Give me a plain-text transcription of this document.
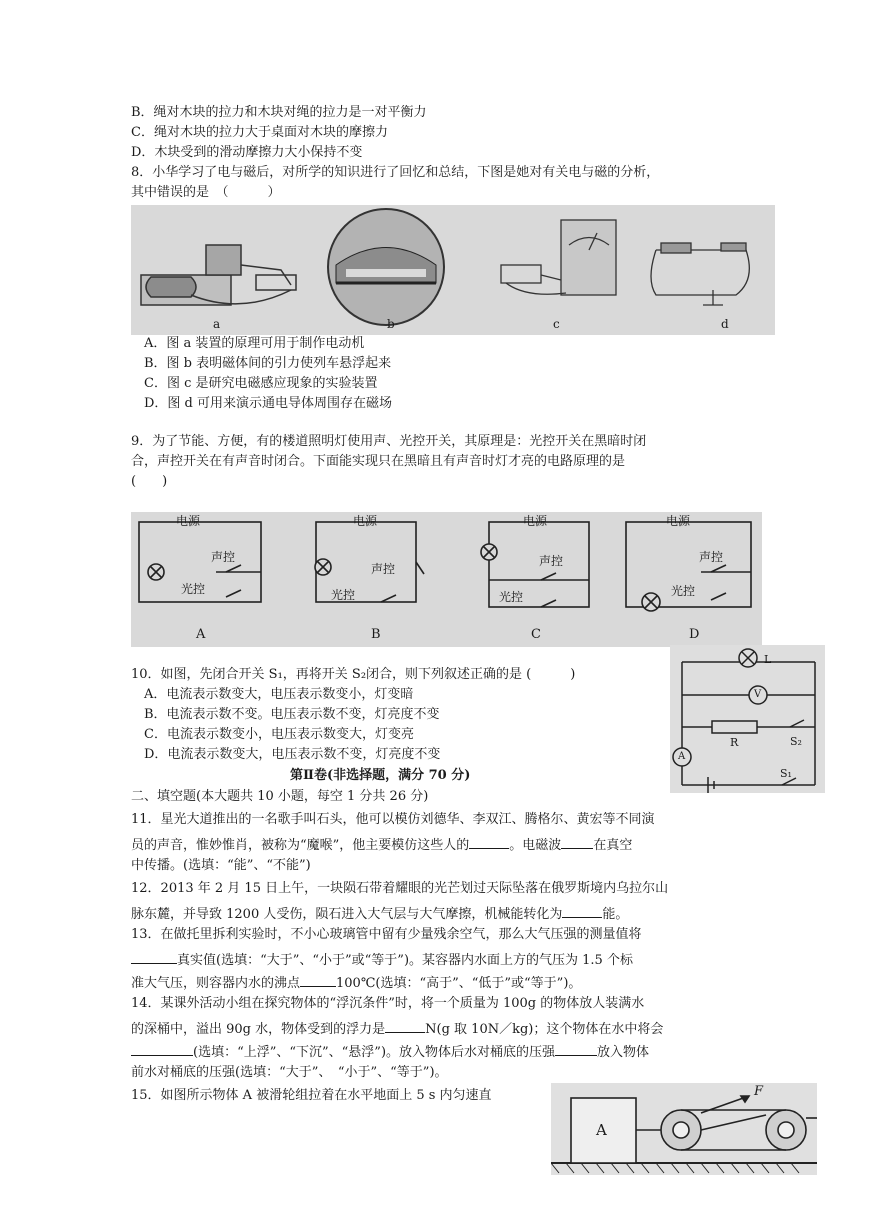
B．绳对木块的拉力和木块对绳的拉力是一对平衡力
C．绳对木块的拉力大于桌面对木块的摩擦力
D．木块受到的滑动摩擦力大小保持不变
8．小华学习了电与磁后，对所学的知识进行了回忆和总结，下图是她对有关电与磁的分析，
其中错误的是　（　　　）
a	b	c	d
A．图 a 装置的原理可用于制作电动机
B．图 b 表明磁体间的引力使列车悬浮起来
C．图 c 是研究电磁感应现象的实验装置
D．图 d 可用来演示通电导体周围存在磁场
9．为了节能、方便，有的楼道照明灯使用声、光控开关，其原理是：光控开关在黑暗时闭
合，声控开关在有声音时闭合。下面能实现只在黑暗且有声音时灯才亮的电路原理的是
(　　)
电源
声控
光控
电源
声控
光控
电源
声控
光控
电源
声控
光控
A	B	C	D
10．如图，先闭合开关 S₁，再将开关 S₂闭合，则下列叙述正确的是 (　　　)
A．电流表示数变大，电压表示数变小，灯变暗
B．电流表示数不变。电压表示数不变，灯亮度不变
C．电流表示数变小，电压表示数变大，灯变亮
D．电流表示数变大，电压表示数不变，灯亮度不变
L
V
R	S₂
A
S₁
第Ⅱ卷(非选择题，满分 70 分)
二、填空题(本大题共 10 小题，每空 1 分共 26 分)
11．星光大道推出的一名歌手叫石头，他可以模仿刘德华、李双江、腾格尔、黄宏等不同演
员的声音，惟妙惟肖，被称为“魔喉”，他主要模仿这些人的	。电磁波 在真空
中传播。(选填：“能”、“不能”)
12．2013 年 2 月 15 日上午，一块陨石带着耀眼的光芒划过天际坠落在俄罗斯境内乌拉尔山
脉东麓，并导致 1200 人受伤，陨石进入大气层与大气摩擦，机械能转化为	能。
13．在做托里拆利实验时，不小心玻璃管中留有少量残余空气，那么大气压强的测量值将
真实值(选填：“大于”、“小于”或“等于”)。某容器内水面上方的气压为 1.5 个标
准大气压，则容器内水的沸点	100℃(选填：“高于”、“低于”或“等于”)。
14．某课外活动小组在探究物体的“浮沉条件”时，将一个质量为 100g 的物体放人装满水
的深桶中，溢出 90g 水，物体受到的浮力是	N(g 取 10N／kg)；这个物体在水中将会
(选填：“上浮”、“下沉”、“悬浮”)。放入物体后水对桶底的压强	放入物体
前水对桶底的压强(选填：“大于”、　“小于”、“等于”)。
15．如图所示物体 A 被滑轮组拉着在水平地面上 5 s 内匀速直
A
F
